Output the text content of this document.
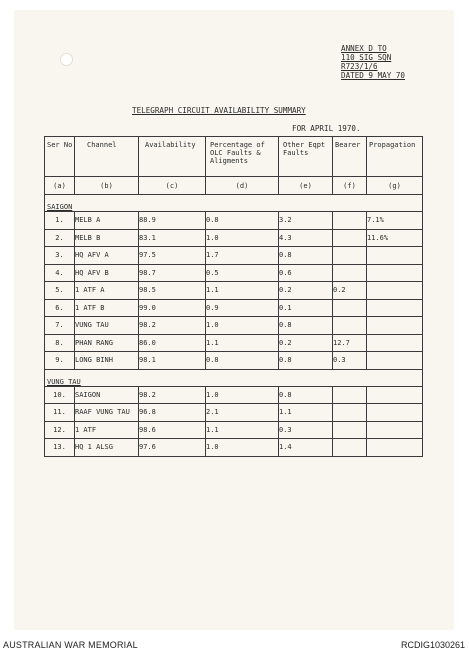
ANNEX D TO
110 SIG SQN
R723/1/6
DATED 9 MAY 70
TELEGRAPH CIRCUIT AVAILABILITY SUMMARY
FOR APRIL 1970.
Ser No	Channel	Availability	Percentage of OLC Faults & Aligments	Other Eqpt Faults	Bearer	Propagation
(a)	(b)	(c)	(d)	(e)	(f)	(g)
SAIGON						
1.	MELB A	88.9	0.8	3.2		7.1%
2.	MELB B	83.1	1.0	4.3		11.6%
3.	HQ AFV A	97.5	1.7	0.8		
4.	HQ AFV B	98.7	0.5	0.6		
5.	1 ATF A	98.5	1.1	0.2	0.2	
6.	1 ATF B	99.0	0.9	0.1		
7.	VUNG TAU	98.2	1.0	0.8		
8.	PHAN RANG	86.0	1.1	0.2	12.7	
9.	LONG BINH	98.1	0.8	0.8	0.3	
VUNG TAU						
10.	SAIGON	98.2	1.0	0.8		
11.	RAAF VUNG TAU	96.8	2.1	1.1		
12.	1 ATF	98.6	1.1	0.3		
13.	HQ 1 ALSG	97.6	1.0	1.4		
AUSTRALIAN WAR MEMORIAL	RCDIG1030261
